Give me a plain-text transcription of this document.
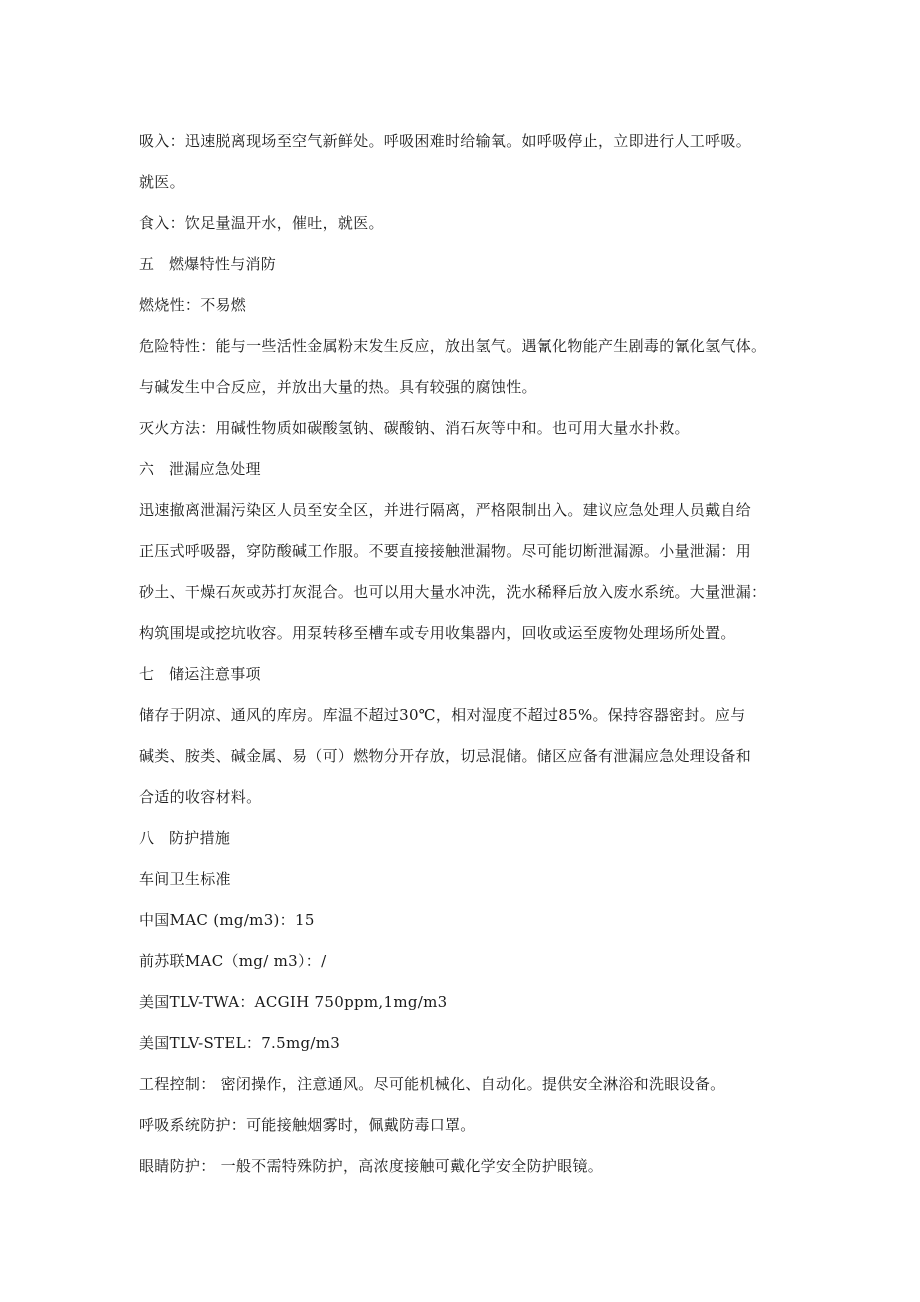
吸入：迅速脱离现场至空气新鲜处。呼吸困难时给输氧。如呼吸停止，立即进行人工呼吸。
就医。
食入：饮足量温开水，催吐，就医。
五 燃爆特性与消防
燃烧性：不易燃
危险特性：能与一些活性金属粉末发生反应，放出氢气。遇氰化物能产生剧毒的氰化氢气体。
与碱发生中合反应，并放出大量的热。具有较强的腐蚀性。
灭火方法：用碱性物质如碳酸氢钠、碳酸钠、消石灰等中和。也可用大量水扑救。
六 泄漏应急处理
迅速撤离泄漏污染区人员至安全区，并进行隔离，严格限制出入。建议应急处理人员戴自给
正压式呼吸器，穿防酸碱工作服。不要直接接触泄漏物。尽可能切断泄漏源。小量泄漏：用
砂土、干燥石灰或苏打灰混合。也可以用大量水冲洗，洗水稀释后放入废水系统。大量泄漏：
构筑围堤或挖坑收容。用泵转移至槽车或专用收集器内，回收或运至废物处理场所处置。
七 储运注意事项
储存于阴凉、通风的库房。库温不超过30℃，相对湿度不超过85%。保持容器密封。应与
碱类、胺类、碱金属、易（可）燃物分开存放，切忌混储。储区应备有泄漏应急处理设备和
合适的收容材料。
八 防护措施
车间卫生标准
中国MAC (mg/m3)：15
前苏联MAC（mg/ m3）：/
美国TLV-TWA：ACGIH 750ppm,1mg/m3
美国TLV-STEL：7.5mg/m3
工程控制： 密闭操作，注意通风。尽可能机械化、自动化。提供安全淋浴和洗眼设备。
呼吸系统防护：可能接触烟雾时，佩戴防毒口罩。
眼睛防护： 一般不需特殊防护，高浓度接触可戴化学安全防护眼镜。
